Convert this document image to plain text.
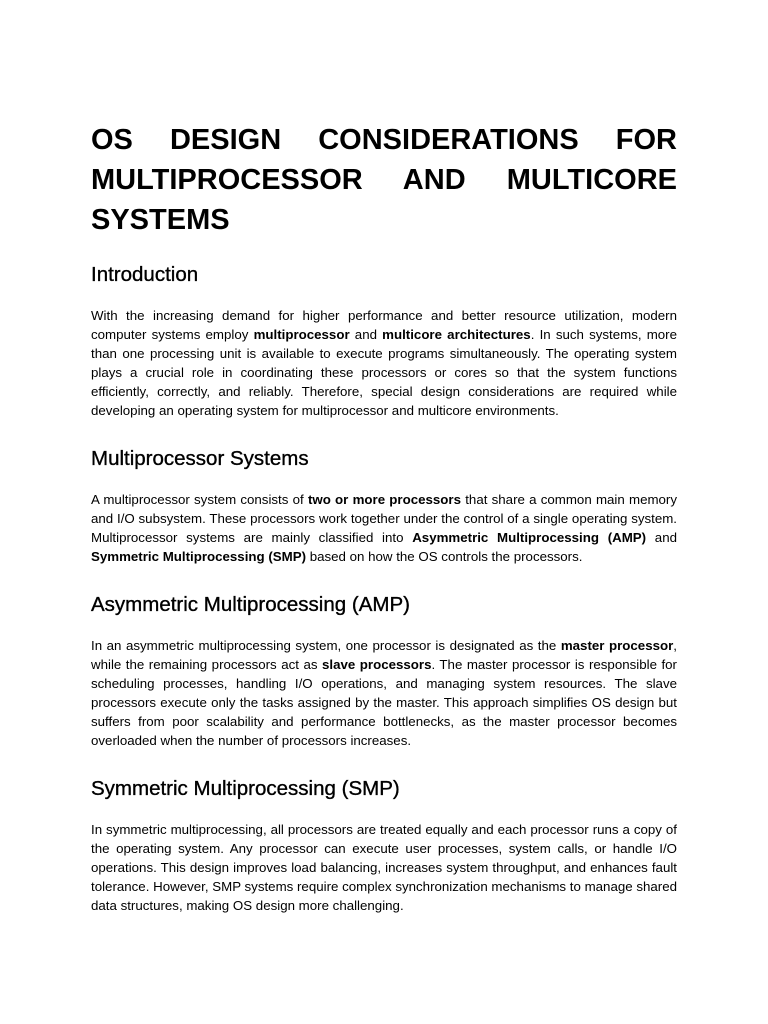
OS DESIGN CONSIDERATIONS FOR MULTIPROCESSOR AND MULTICORE SYSTEMS
Introduction

With the increasing demand for higher performance and better resource utilization, modern computer systems employ multiprocessor and multicore architectures. In such systems, more than one processing unit is available to execute programs simultaneously. The operating system plays a crucial role in coordinating these processors or cores so that the system functions efficiently, correctly, and reliably. Therefore, special design considerations are required while developing an operating system for multiprocessor and multicore environments.

Multiprocessor Systems

A multiprocessor system consists of two or more processors that share a common main memory and I/O subsystem. These processors work together under the control of a single operating system. Multiprocessor systems are mainly classified into Asymmetric Multiprocessing (AMP) and Symmetric Multiprocessing (SMP) based on how the OS controls the processors.

Asymmetric Multiprocessing (AMP)

In an asymmetric multiprocessing system, one processor is designated as the master processor, while the remaining processors act as slave processors. The master processor is responsible for scheduling processes, handling I/O operations, and managing system resources. The slave processors execute only the tasks assigned by the master. This approach simplifies OS design but suffers from poor scalability and performance bottlenecks, as the master processor becomes overloaded when the number of processors increases.

Symmetric Multiprocessing (SMP)

In symmetric multiprocessing, all processors are treated equally and each processor runs a copy of the operating system. Any processor can execute user processes, system calls, or handle I/O operations. This design improves load balancing, increases system throughput, and enhances fault tolerance. However, SMP systems require complex synchronization mechanisms to manage shared data structures, making OS design more challenging.
